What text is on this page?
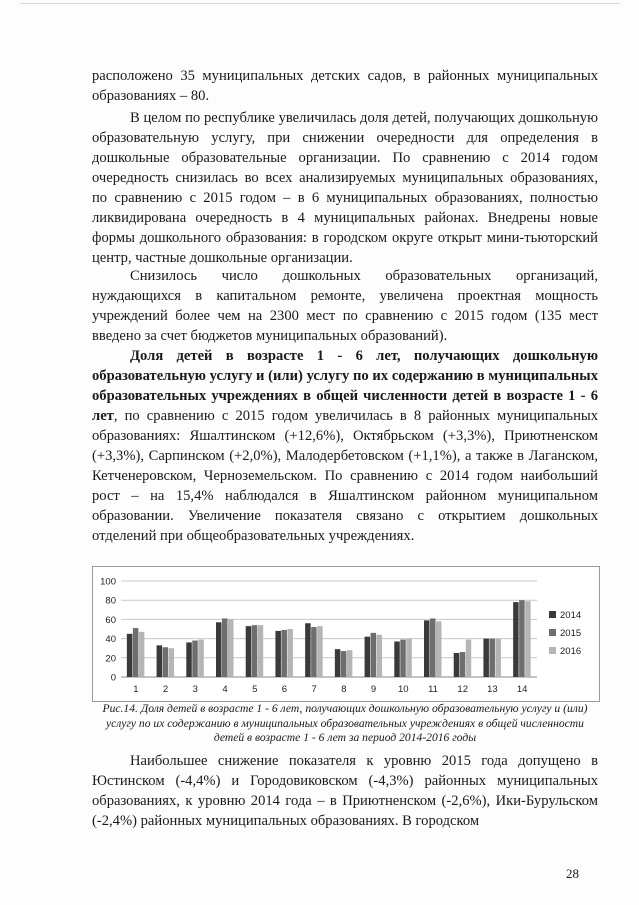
расположено 35 муниципальных детских садов, в районных муниципальных образованиях – 80.

В целом по республике увеличилась доля детей, получающих дошкольную образовательную услугу, при снижении очередности для определения в дошкольные образовательные организации. По сравнению с 2014 годом очередность снизилась во всех анализируемых муниципальных образованиях, по сравнению с 2015 годом – в 6 муниципальных образованиях, полностью ликвидирована очередность в 4 муниципальных районах. Внедрены новые формы дошкольного образования: в городском округе открыт мини-тьюторский центр, частные дошкольные организации.

Снизилось число дошкольных образовательных организаций, нуждающихся в капитальном ремонте, увеличена проектная мощность учреждений более чем на 2300 мест по сравнению с 2015 годом (135 мест введено за счет бюджетов муниципальных образований).

Доля детей в возрасте 1 - 6 лет, получающих дошкольную образовательную услугу и (или) услугу по их содержанию в муниципальных образовательных учреждениях в общей численности детей в возрасте 1 - 6 лет, по сравнению с 2015 годом увеличилась в 8 районных муниципальных образованиях: Яшалтинском (+12,6%), Октябрьском (+3,3%), Приютненском (+3,3%), Сарпинском (+2,0%), Малодербетовском (+1,1%), а также в Лаганском, Кетченеровском, Черноземельском. По сравнению с 2014 годом наибольший рост – на 15,4% наблюдался в Яшалтинском районном муниципальном образовании. Увеличение показателя связано с открытием дошкольных отделений при общеобразовательных учреждениях.

0
20
40
60
80
100
1	2	3	4	5	6	7	8	9 10 11 12 13 14
2014
2015
2016
Рис.14. Доля детей в возрасте 1 - 6 лет, получающих дошкольную образовательную услугу и (или) услугу по их содержанию в муниципальных образовательных учреждениях в общей численности детей в возрасте 1 - 6 лет за период 2014-2016 годы

Наибольшее снижение показателя к уровню 2015 года допущено в Юстинском (-4,4%) и Городовиковском (-4,3%) районных муниципальных образованиях, к уровню 2014 года – в Приютненском (-2,6%), Ики-Бурульском (-2,4%) районных муниципальных образованиях. В городском

28
